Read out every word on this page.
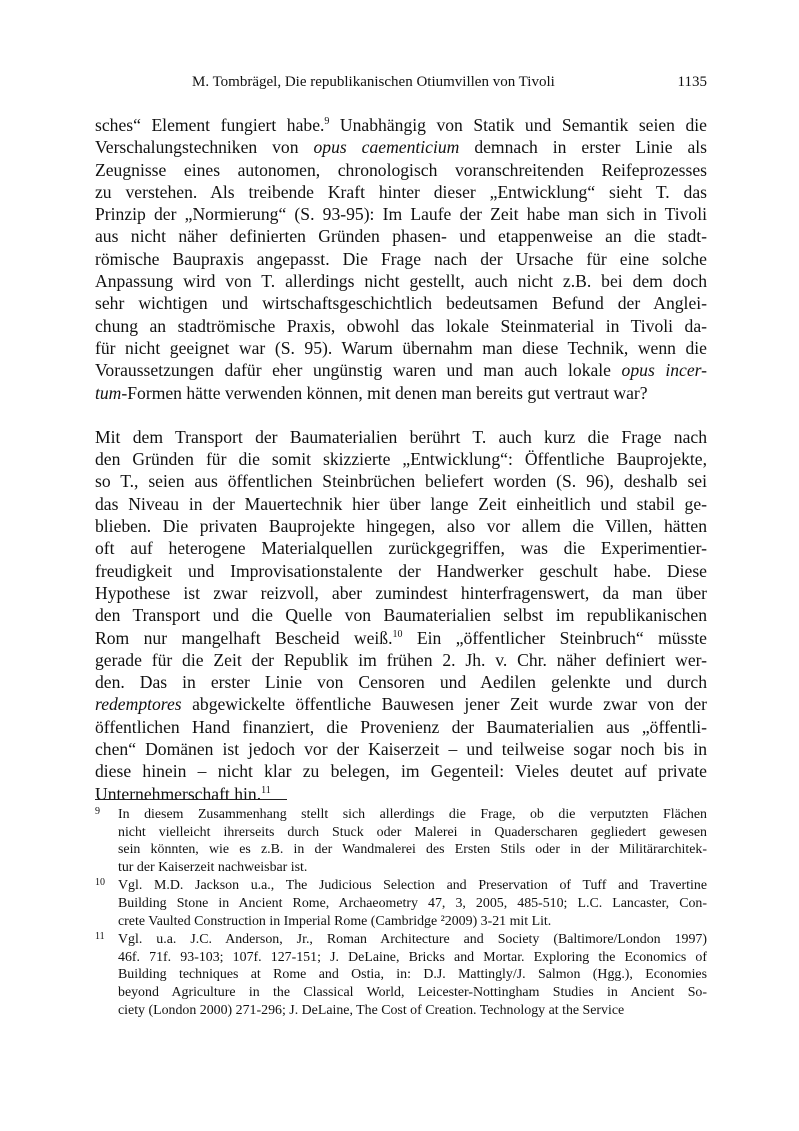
M. Tombrägel, Die republikanischen Otiumvillen von Tivoli	1135

sches“ Element fungiert habe.$^9$ Unabhängig von Statik und Semantik seien die
Verschalungstechniken von opus caementicium demnach in erster Linie als
Zeugnisse eines autonomen, chronologisch voranschreitenden Reifeprozesses
zu verstehen. Als treibende Kraft hinter dieser „Entwicklung“ sieht T. das
Prinzip der „Normierung“ (S. 93-95): Im Laufe der Zeit habe man sich in Tivoli
aus nicht näher definierten Gründen phasen- und etappenweise an die stadt-
römische Baupraxis angepasst. Die Frage nach der Ursache für eine solche
Anpassung wird von T. allerdings nicht gestellt, auch nicht z.B. bei dem doch
sehr wichtigen und wirtschaftsgeschichtlich bedeutsamen Befund der Anglei-
chung an stadtrömische Praxis, obwohl das lokale Steinmaterial in Tivoli da-
für nicht geeignet war (S. 95). Warum übernahm man diese Technik, wenn die
Voraussetzungen dafür eher ungünstig waren und man auch lokale opus incer-
tum-Formen hätte verwenden können, mit denen man bereits gut vertraut war?

Mit dem Transport der Baumaterialien berührt T. auch kurz die Frage nach
den Gründen für die somit skizzierte „Entwicklung“: Öffentliche Bauprojekte,
so T., seien aus öffentlichen Steinbrüchen beliefert worden (S. 96), deshalb sei
das Niveau in der Mauertechnik hier über lange Zeit einheitlich und stabil ge-
blieben. Die privaten Bauprojekte hingegen, also vor allem die Villen, hätten
oft auf heterogene Materialquellen zurückgegriffen, was die Experimentier-
freudigkeit und Improvisationstalente der Handwerker geschult habe. Diese
Hypothese ist zwar reizvoll, aber zumindest hinterfragenswert, da man über
den Transport und die Quelle von Baumaterialien selbst im republikanischen
Rom nur mangelhaft Bescheid weiß.$^{10}$ Ein „öffentlicher Steinbruch“ müsste
gerade für die Zeit der Republik im frühen 2. Jh. v. Chr. näher definiert wer-
den. Das in erster Linie von Censoren und Aedilen gelenkte und durch
redemptores abgewickelte öffentliche Bauwesen jener Zeit wurde zwar von der
öffentlichen Hand finanziert, die Provenienz der Baumaterialien aus „öffentli-
chen“ Domänen ist jedoch vor der Kaiserzeit – und teilweise sogar noch bis in
diese hinein – nicht klar zu belegen, im Gegenteil: Vieles deutet auf private
Unternehmerschaft hin.$^{11}$

9 In diesem Zusammenhang stellt sich allerdings die Frage, ob die verputzten Flächen
nicht vielleicht ihrerseits durch Stuck oder Malerei in Quaderscharen gegliedert gewesen
sein könnten, wie es z.B. in der Wandmalerei des Ersten Stils oder in der Militärarchitek-
tur der Kaiserzeit nachweisbar ist.
10 Vgl. M.D. Jackson u.a., The Judicious Selection and Preservation of Tuff and Travertine
Building Stone in Ancient Rome, Archaeometry 47, 3, 2005, 485-510; L.C. Lancaster, Con-
crete Vaulted Construction in Imperial Rome (Cambridge ²2009) 3-21 mit Lit.
11 Vgl. u.a. J.C. Anderson, Jr., Roman Architecture and Society (Baltimore/London 1997)
46f. 71f. 93-103; 107f. 127-151; J. DeLaine, Bricks and Mortar. Exploring the Economics of
Building techniques at Rome and Ostia, in: D.J. Mattingly/J. Salmon (Hgg.), Economies
beyond Agriculture in the Classical World, Leicester-Nottingham Studies in Ancient So-
ciety (London 2000) 271-296; J. DeLaine, The Cost of Creation. Technology at the Service
